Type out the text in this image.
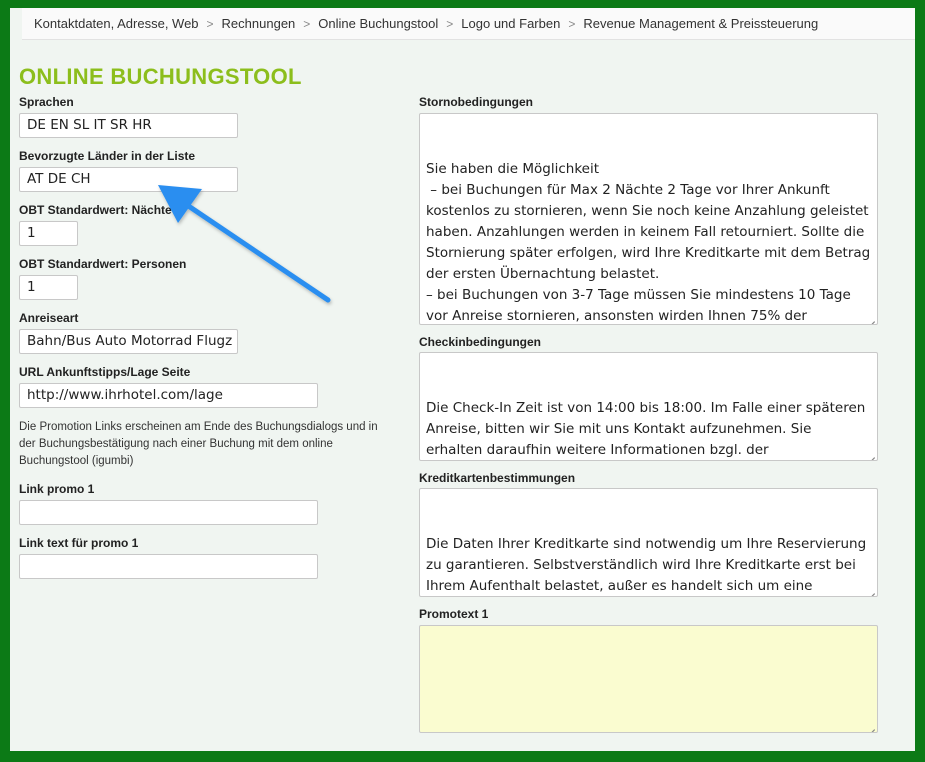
Kontaktdaten, Adresse, Web > Rechnungen > Online Buchungstool > Logo und Farben > Revenue Management & Preissteuerung
ONLINE BUCHUNGSTOOL
Sprachen
DE EN SL IT SR HR
Bevorzugte Länder in der Liste
AT DE CH
OBT Standardwert: Nächte
1
OBT Standardwert: Personen
1
Anreiseart
Bahn/Bus Auto Motorrad Flugz
URL Ankunftstipps/Lage Seite
http://www.ihrhotel.com/lage
Die Promotion Links erscheinen am Ende des Buchungsdialogs und in der Buchungsbestätigung nach einer Buchung mit dem online Buchungstool (igumbi)
Link promo 1
Link text für promo 1
Stornobedingungen

Sie haben die Möglichkeit
– bei Buchungen für Max 2 Nächte 2 Tage vor Ihrer Ankunft kostenlos zu stornieren, wenn Sie noch keine Anzahlung geleistet haben. Anzahlungen werden in keinem Fall retourniert. Sollte die Stornierung später erfolgen, wird Ihre Kreditkarte mit dem Betrag der ersten Übernachtung belastet.
– bei Buchungen von 3-7 Tage müssen Sie mindestens 10 Tage vor Anreise stornieren, ansonsten wirden Ihnen 75% der

Checkinbedingungen

Die Check-In Zeit ist von 14:00 bis 18:00. Im Falle einer späteren Anreise, bitten wir Sie mit uns Kontakt aufzunehmen. Sie erhalten daraufhin weitere Informationen bzgl. der

Kreditkartenbestimmungen

Die Daten Ihrer Kreditkarte sind notwendig um Ihre Reservierung zu garantieren. Selbstverständlich wird Ihre Kreditkarte erst bei Ihrem Aufenthalt belastet, außer es handelt sich um eine

Promotext 1
